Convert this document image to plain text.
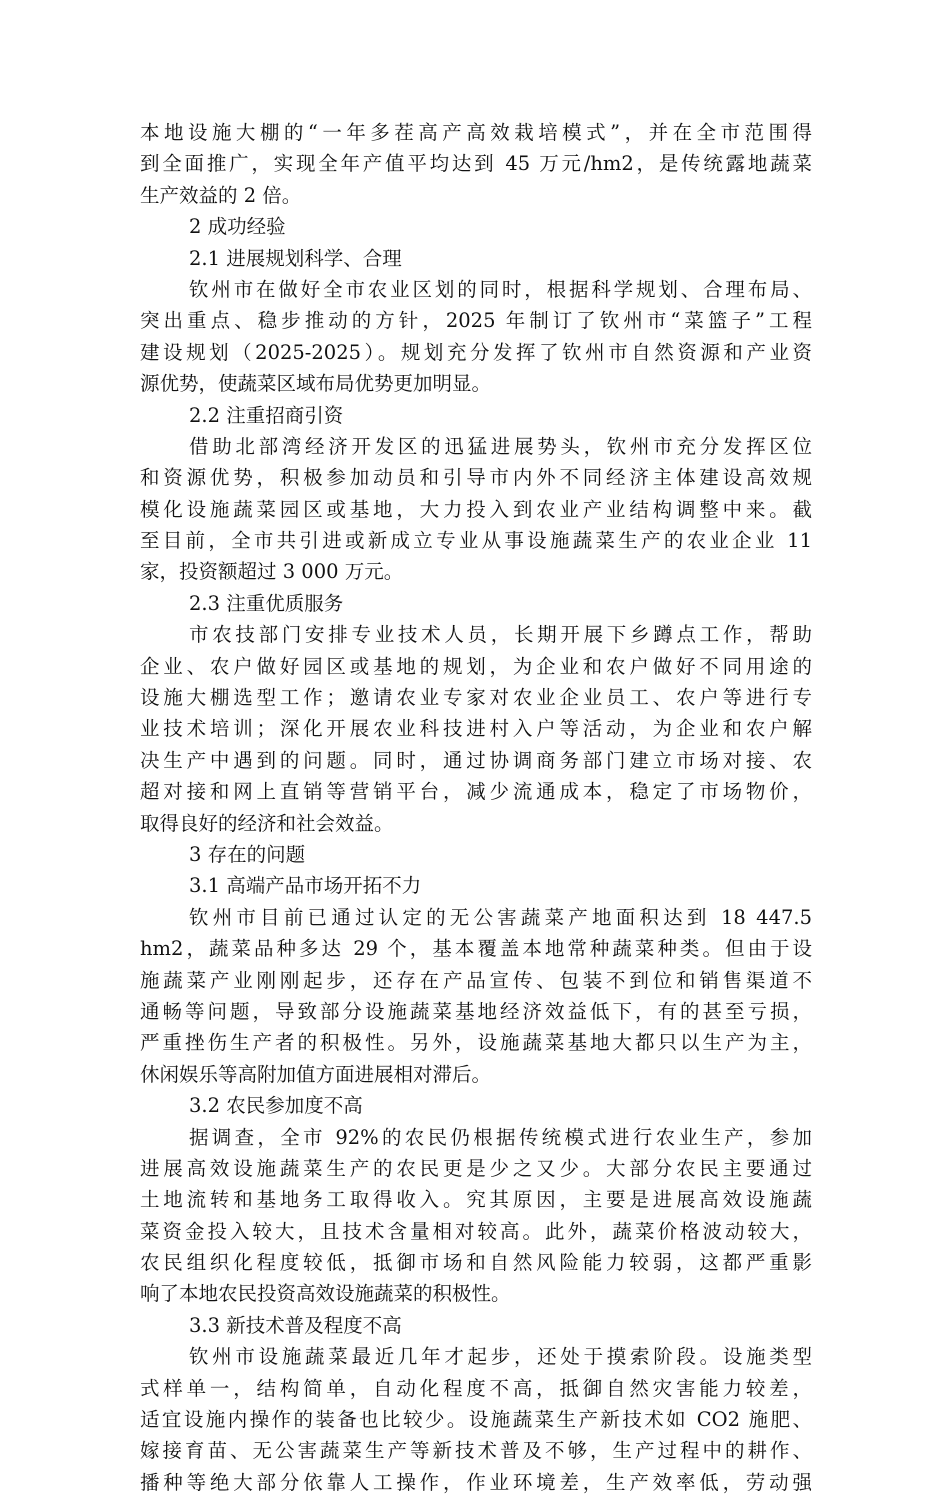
本地设施大棚的“一年多茬高产高效栽培模式”，并在全市范围得
到全面推广，实现全年产值平均达到 45 万元/hm2，是传统露地蔬菜
生产效益的 2 倍。
2 成功经验
2.1 进展规划科学、合理
钦州市在做好全市农业区划的同时，根据科学规划、合理布局、
突出重点、稳步推动的方针，2025 年制订了钦州市“菜篮子”工程
建设规划（2025-2025）。规划充分发挥了钦州市自然资源和产业资
源优势，使蔬菜区域布局优势更加明显。
2.2 注重招商引资
借助北部湾经济开发区的迅猛进展势头，钦州市充分发挥区位
和资源优势，积极参加动员和引导市内外不同经济主体建设高效规
模化设施蔬菜园区或基地，大力投入到农业产业结构调整中来。截
至目前，全市共引进或新成立专业从事设施蔬菜生产的农业企业 11
家，投资额超过 3 000 万元。
2.3 注重优质服务
市农技部门安排专业技术人员，长期开展下乡蹲点工作，帮助
企业、农户做好园区或基地的规划，为企业和农户做好不同用途的
设施大棚选型工作；邀请农业专家对农业企业员工、农户等进行专
业技术培训；深化开展农业科技进村入户等活动，为企业和农户解
决生产中遇到的问题。同时，通过协调商务部门建立市场对接、农
超对接和网上直销等营销平台，减少流通成本，稳定了市场物价，
取得良好的经济和社会效益。
3 存在的问题
3.1 高端产品市场开拓不力
钦州市目前已通过认定的无公害蔬菜产地面积达到 18 447.5
hm2，蔬菜品种多达 29 个，基本覆盖本地常种蔬菜种类。但由于设
施蔬菜产业刚刚起步，还存在产品宣传、包装不到位和销售渠道不
通畅等问题，导致部分设施蔬菜基地经济效益低下，有的甚至亏损，
严重挫伤生产者的积极性。另外，设施蔬菜基地大都只以生产为主，
休闲娱乐等高附加值方面进展相对滞后。
3.2 农民参加度不高
据调查，全市 92%的农民仍根据传统模式进行农业生产，参加
进展高效设施蔬菜生产的农民更是少之又少。大部分农民主要通过
土地流转和基地务工取得收入。究其原因，主要是进展高效设施蔬
菜资金投入较大，且技术含量相对较高。此外，蔬菜价格波动较大，
农民组织化程度较低，抵御市场和自然风险能力较弱，这都严重影
响了本地农民投资高效设施蔬菜的积极性。
3.3 新技术普及程度不高
钦州市设施蔬菜最近几年才起步，还处于摸索阶段。设施类型
式样单一，结构简单，自动化程度不高，抵御自然灾害能力较差，
适宜设施内操作的装备也比较少。设施蔬菜生产新技术如 CO2 施肥、
嫁接育苗、无公害蔬菜生产等新技术普及不够，生产过程中的耕作、
播种等绝大部分依靠人工操作，作业环境差，生产效率低，劳动强
